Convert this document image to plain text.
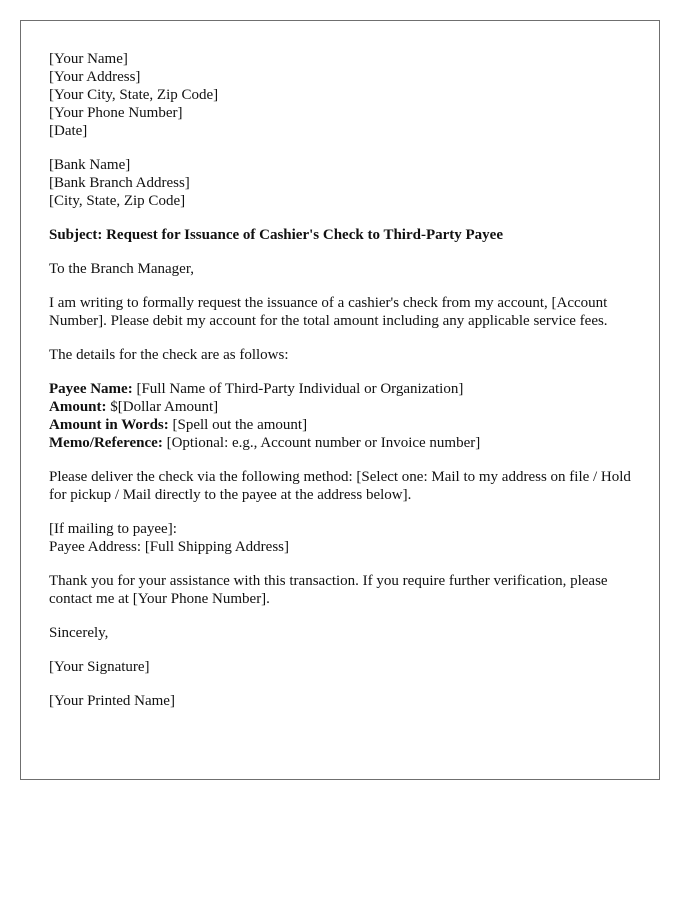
[Your Name]
[Your Address]
[Your City, State, Zip Code]
[Your Phone Number]
[Date]
[Bank Name]
[Bank Branch Address]
[City, State, Zip Code]

Subject: Request for Issuance of Cashier's Check to Third-Party Payee

To the Branch Manager,

I am writing to formally request the issuance of a cashier's check from my account, [Account Number]. Please debit my account for the total amount including any applicable service fees.

The details for the check are as follows:

Payee Name: [Full Name of Third-Party Individual or Organization]
Amount: $[Dollar Amount]
Amount in Words: [Spell out the amount]
Memo/Reference: [Optional: e.g., Account number or Invoice number]

Please deliver the check via the following method: [Select one: Mail to my address on file / Hold for pickup / Mail directly to the payee at the address below].

[If mailing to payee]:
Payee Address: [Full Shipping Address]

Thank you for your assistance with this transaction. If you require further verification, please contact me at [Your Phone Number].

Sincerely,

[Your Signature]

[Your Printed Name]
